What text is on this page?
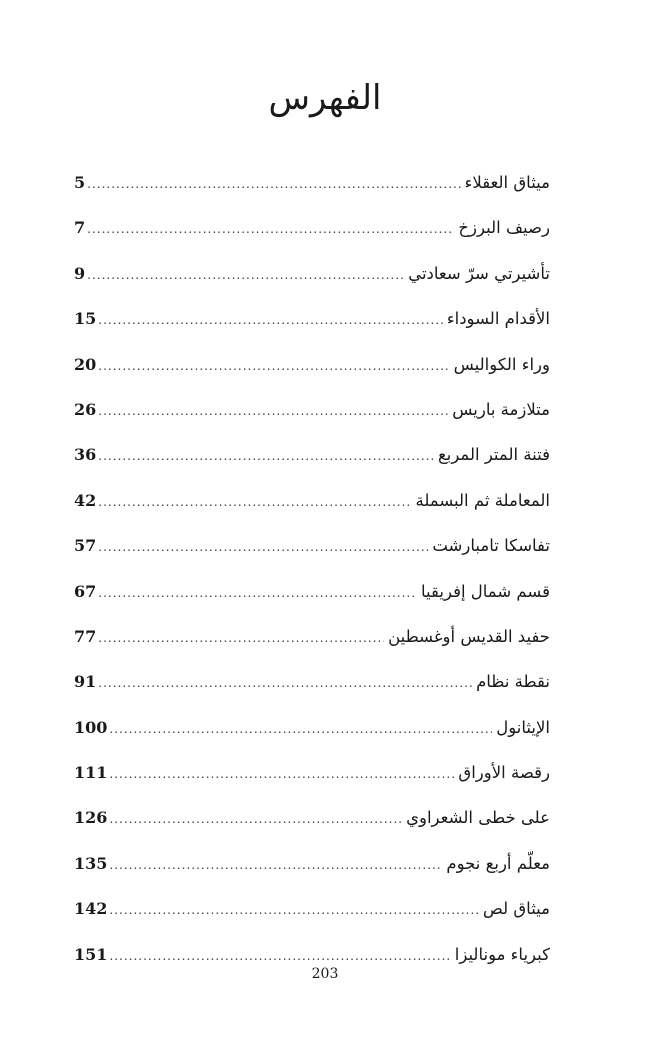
الفهرس
ميثاق العقلاء
.....
5
رصيف البرزخ
.....
7
تأشيرتي سرّ سعادتي
.....
9
الأقدام السوداء
.....
15
وراء الكواليس
.....
20
متلازمة باريس
.....
26
فتنة المتر المربع
.....
36
المعاملة ثم البسملة
.....
42
تفاسكا تامبارشت
.....
57
قسم شمال إفريقيا
.....
67
حفيد القديس أوغسطين
.....
77
نقطة نظام
.....
91
الإيثانول
.....
100
رقصة الأوراق
.....
111
على خطى الشعراوي
.....
126
معلّم أربع نجوم
.....
135
ميثاق لص
.....
142
كبرياء موناليزا
.....
151
203
